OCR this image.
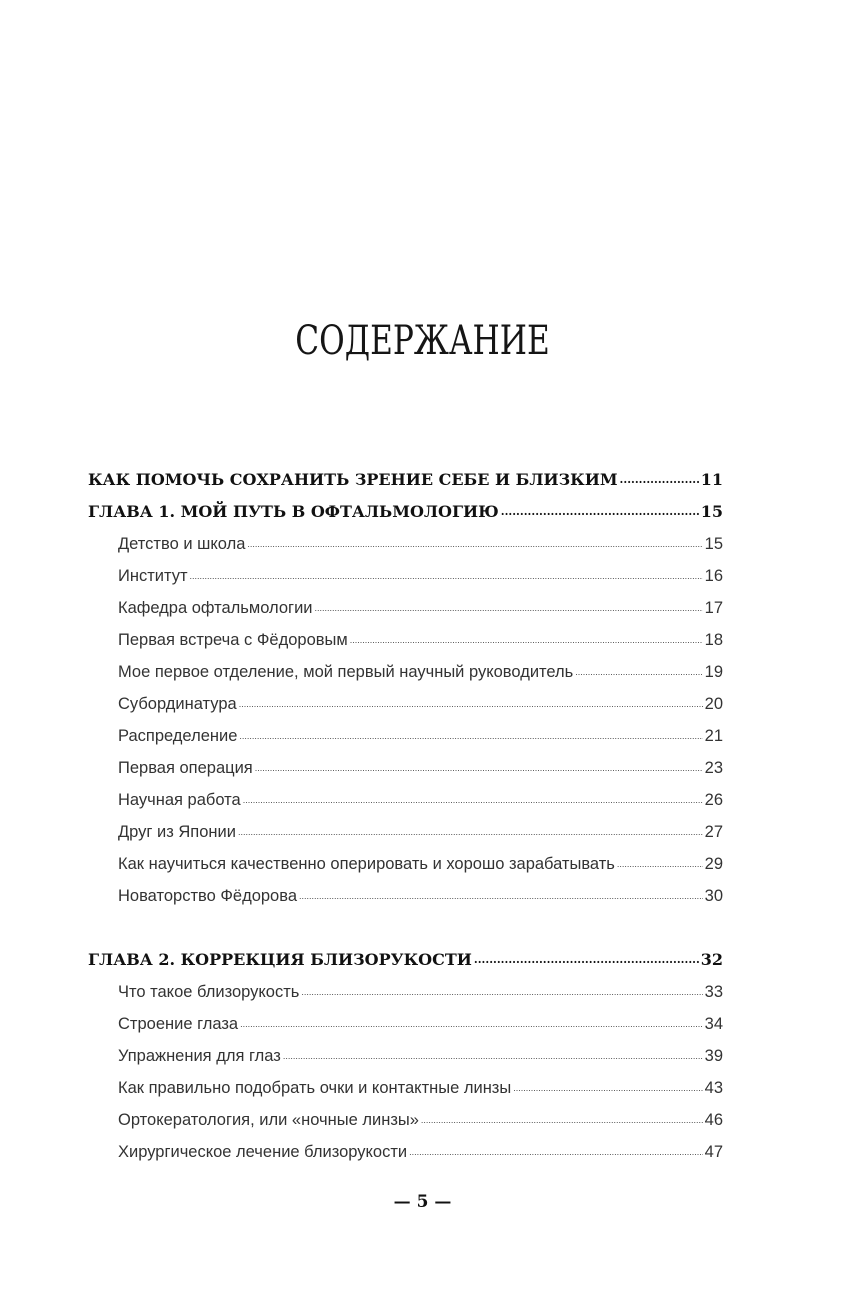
СОДЕРЖАНИЕ
КАК ПОМОЧЬ СОХРАНИТЬ ЗРЕНИЕ СЕБЕ И БЛИЗКИМ .....	11
ГЛАВА 1. МОЙ ПУТЬ В ОФТАЛЬМОЛОГИЮ .....	15
Детство и школа .....	15
Институт .....	16
Кафедра офтальмологии .....	17
Первая встреча с Фёдоровым .....	18
Мое первое отделение, мой первый научный руководитель .....	19
Субординатура .....	20
Распределение .....	21
Первая операция .....	23
Научная работа .....	26
Друг из Японии .....	27
Как научиться качественно оперировать и хорошо зарабатывать .....	29
Новаторство Фёдорова .....	30
ГЛАВА 2. КОРРЕКЦИЯ БЛИЗОРУКОСТИ .....	32
Что такое близорукость .....	33
Строение глаза .....	34
Упражнения для глаз .....	39
Как правильно подобрать очки и контактные линзы .....	43
Ортокератология, или «ночные линзы» .....	46
Хирургическое лечение близорукости .....	47
— 5 —
